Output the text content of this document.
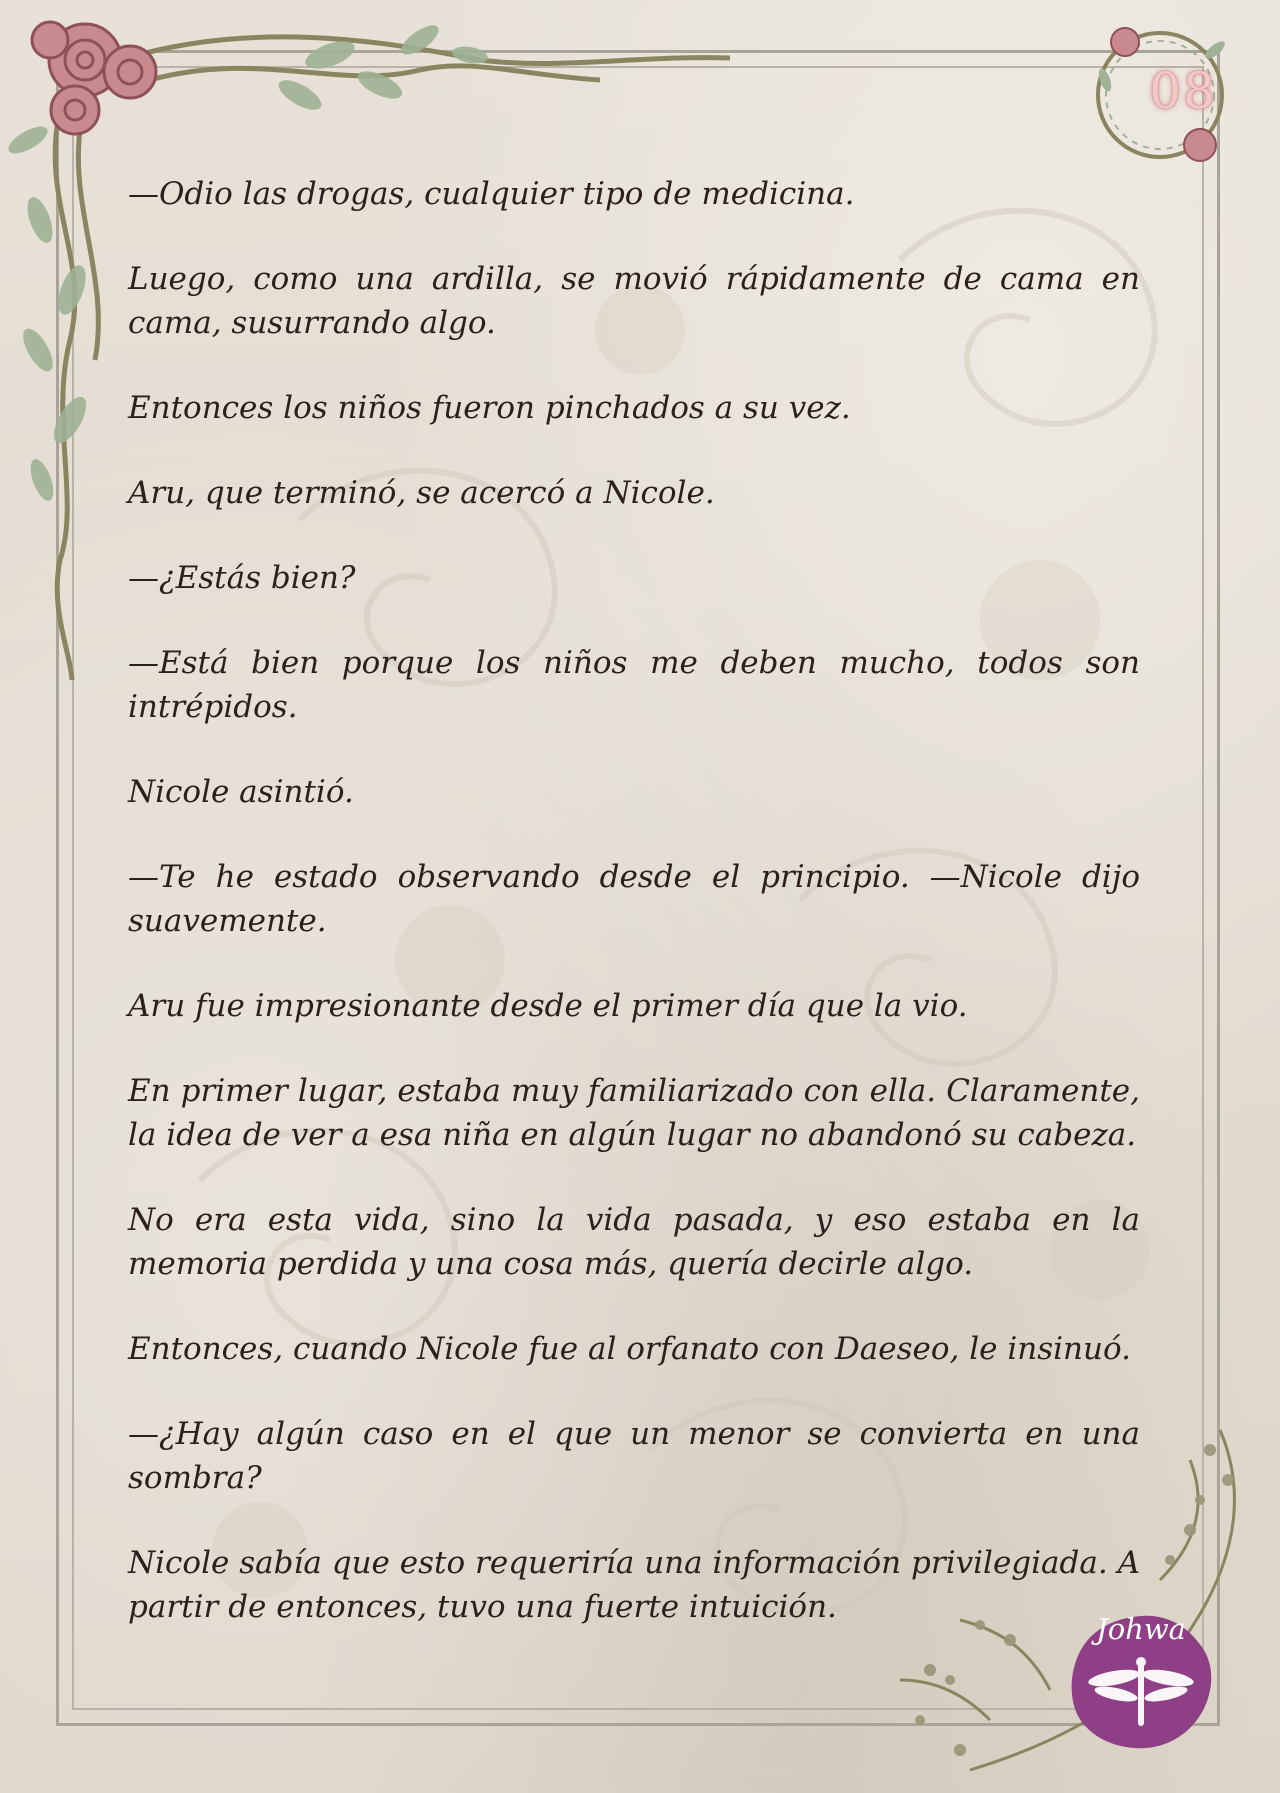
08
Johwa

—Odio las drogas, cualquier tipo de medicina.

Luego, como una ardilla, se movió rápidamente de cama en cama, susurrando algo.

Entonces los niños fueron pinchados a su vez.

Aru, que terminó, se acercó a Nicole.

—¿Estás bien?

—Está bien porque los niños me deben mucho, todos son intrépidos.

Nicole asintió.

—Te he estado observando desde el principio. —Nicole dijo suavemente.

Aru fue impresionante desde el primer día que la vio.

En primer lugar, estaba muy familiarizado con ella. Claramente, la idea de ver a esa niña en algún lugar no abandonó su cabeza.

No era esta vida, sino la vida pasada, y eso estaba en la memoria perdida y una cosa más, quería decirle algo.

Entonces, cuando Nicole fue al orfanato con Daeseo, le insinuó.

—¿Hay algún caso en el que un menor se convierta en una sombra?

Nicole sabía que esto requeriría una información privilegiada. A partir de entonces, tuvo una fuerte intuición.
